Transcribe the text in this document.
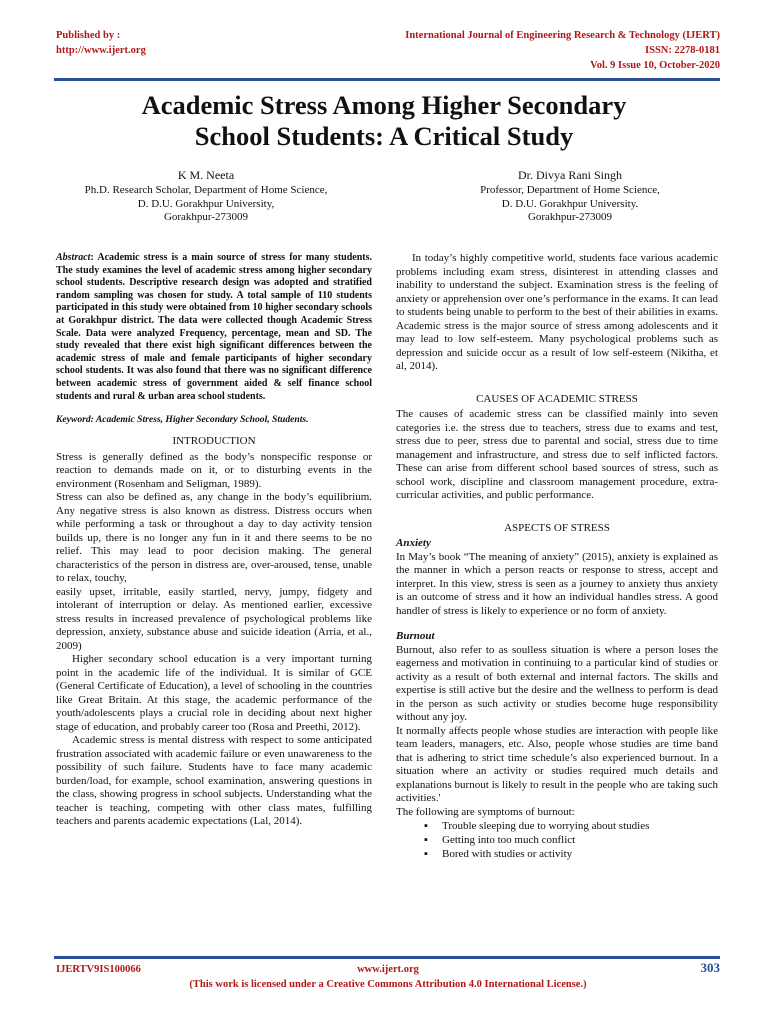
Published by :
http://www.ijert.org
International Journal of Engineering Research & Technology (IJERT)
ISSN: 2278-0181
Vol. 9 Issue 10, October-2020
Academic Stress Among Higher Secondary
School Students: A Critical Study
K M. Neeta
Ph.D. Research Scholar, Department of Home Science,
D. D.U. Gorakhpur University,
Gorakhpur-273009
Dr. Divya Rani Singh
Professor, Department of Home Science,
D. D.U. Gorakhpur University.
Gorakhpur-273009

Abstract: Academic stress is a main source of stress for many students. The study examines the level of academic stress among higher secondary school students. Descriptive research design was adopted and stratified random sampling was chosen for study. A total sample of 110 students participated in this study were obtained from 10 higher secondary schools at Gorakhpur district. The data were collected though Academic Stress Scale. Data were analyzed Frequency, percentage, mean and SD. The study revealed that there exist high significant differences between the academic stress of male and female participants of higher secondary school students. It was also found that there was no significant difference between academic stress of government aided & self finance school students and rural & urban area school students.

Keyword: Academic Stress, Higher Secondary School, Students.

INTRODUCTION

Stress is generally defined as the body’s nonspecific response or reaction to demands made on it, or to disturbing events in the environment (Rosenham and Seligman, 1989).

Stress can also be defined as, any change in the body’s equilibrium. Any negative stress is also known as distress. Distress occurs when while performing a task or throughout a day to day activity tension builds up, there is no longer any fun in it and there seems to be no relief. This may lead to poor decision making. The general characteristics of the person in distress are, over-aroused, tense, unable to relax, touchy,

easily upset, irritable, easily startled, nervy, jumpy, fidgety and intolerant of interruption or delay. As mentioned earlier, excessive stress results in increased prevalence of psychological problems like depression, anxiety, substance abuse and suicide ideation (Arria, et al., 2009)

Higher secondary school education is a very important turning point in the academic life of the individual. It is similar of GCE (General Certificate of Education), a level of schooling in the countries like Great Britain. At this stage, the academic performance of the youth/adolescents plays a crucial role in deciding about next higher stage of education, and probably career too (Rosa and Preethi, 2012).

Academic stress is mental distress with respect to some anticipated frustration associated with academic failure or even unawareness to the possibility of such failure. Students have to face many academic burden/load, for example, school examination, answering questions in the class, showing progress in school subjects. Understanding what the teacher is teaching, competing with other class mates, fulfilling teachers and parents academic expectations (Lal, 2014).

In today’s highly competitive world, students face various academic problems including exam stress, disinterest in attending classes and inability to understand the subject. Examination stress is the feeling of anxiety or apprehension over one’s performance in the exams. It can lead to students being unable to perform to the best of their abilities in exams. Academic stress is the major source of stress among adolescents and it may lead to low self-esteem. Many psychological problems such as depression and suicide occur as a result of low self-esteem (Nikitha, et al, 2014).

CAUSES OF ACADEMIC STRESS

The causes of academic stress can be classified mainly into seven categories i.e. the stress due to teachers, stress due to exams and test, stress due to peer, stress due to parental and social, stress due to time management and infrastructure, and stress due to self inflicted factors. These can arise from different school based sources of stress, such as school work, discipline and classroom management procedure, extra-curricular activities, and public performance.

ASPECTS OF STRESS
Anxiety

In May’s book “The meaning of anxiety” (2015), anxiety is explained as the manner in which a person reacts or response to stress, accept and interpret. In this view, stress is seen as a journey to anxiety thus anxiety is an outcome of stress and it how an individual handles stress. A good handler of stress is likely to experience or no form of anxiety.

Burnout

Burnout, also refer to as soulless situation is where a person loses the eagerness and motivation in continuing to a particular kind of studies or activity as a result of both external and internal factors. The skills and expertise is still active but the desire and the wellness to perform is dead in the person as such activity or studies become huge responsibility without any joy.

It normally affects people whose studies are interaction with people like team leaders, managers, etc. Also, people whose studies are time band that is adhering to strict time schedule’s also experienced burnout. In a situation where an activity or studies required much details and explanations burnout is likely to result in the people who are taking such activities.'

The following are symptoms of burnout:

▪ Trouble sleeping due to worrying about studies
▪ Getting into too much conflict
▪ Bored with studies or activity
IJERTV9IS100066	www.ijert.org	303
(This work is licensed under a Creative Commons Attribution 4.0 International License.)
